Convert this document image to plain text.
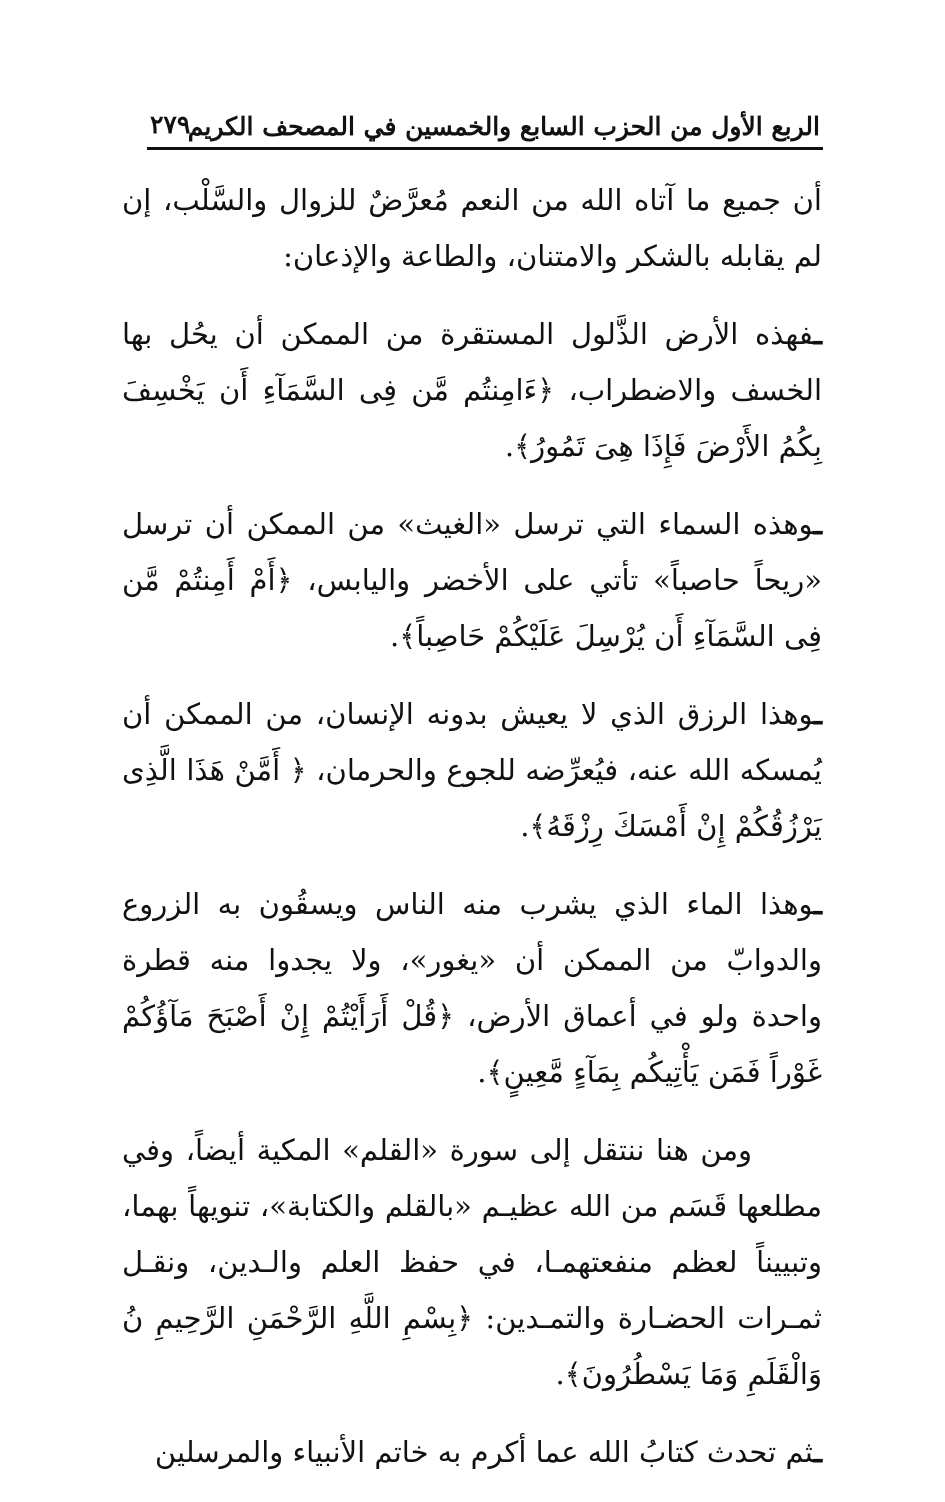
الربع الأول من الحزب السابع والخمسين في المصحف الكريم
٢٧٩

أن جميع ما آتاه الله من النعم مُعرَّضٌ للزوال والسَّلْب، إن لم يقابله بالشكر والامتنان، والطاعة والإذعان:

ـفهذه الأرض الذَّلول المستقرة من الممكن أن يحُل بها الخسف والاضطراب، ﴿ءَامِنتُم مَّن فِى السَّمَآءِ أَن يَخْسِفَ بِكُمُ الأَرْضَ فَإِذَا هِىَ تَمُورُ﴾.

ـوهذه السماء التي ترسل «الغيث» من الممكن أن ترسل «ريحاً حاصباً» تأتي على الأخضر واليابس، ﴿أَمْ أَمِنتُمْ مَّن فِى السَّمَآءِ أَن يُرْسِلَ عَلَيْكُمْ حَاصِباً﴾.

ـوهذا الرزق الذي لا يعيش بدونه الإنسان، من الممكن أن يُمسكه الله عنه، فيُعرِّضه للجوع والحرمان، ﴿ أَمَّنْ هَذَا الَّذِى يَرْزُقُكُمْ إِنْ أَمْسَكَ رِزْقَهُ﴾.

ـوهذا الماء الذي يشرب منه الناس ويسقُون به الزروع والدوابّ من الممكن أن «يغور»، ولا يجدوا منه قطرة واحدة ولو في أعماق الأرض، ﴿قُلْ أَرَأَيْتُمْ إِنْ أَصْبَحَ مَآؤُكُمْ غَوْراً فَمَن يَأْتِيكُم بِمَآءٍ مَّعِينٍ﴾.

ومن هنا ننتقل إلى سورة «القلم» المكية أيضاً، وفي مطلعها قَسَم من الله عظيـم «بالقلم والكتابة»، تنويهاً بهما، وتبييناً لعظم منفعتهمـا، في حفظ العلم والـدين، ونقـل ثمـرات الحضـارة والتمـدين: ﴿بِسْمِ اللَّهِ الرَّحْمَنِ الرَّحِيمِ نُ وَالْقَلَمِ وَمَا يَسْطُرُونَ﴾.

ـثم تحدث كتابُ الله عما أكرم به خاتم الأنبياء والمرسلين
